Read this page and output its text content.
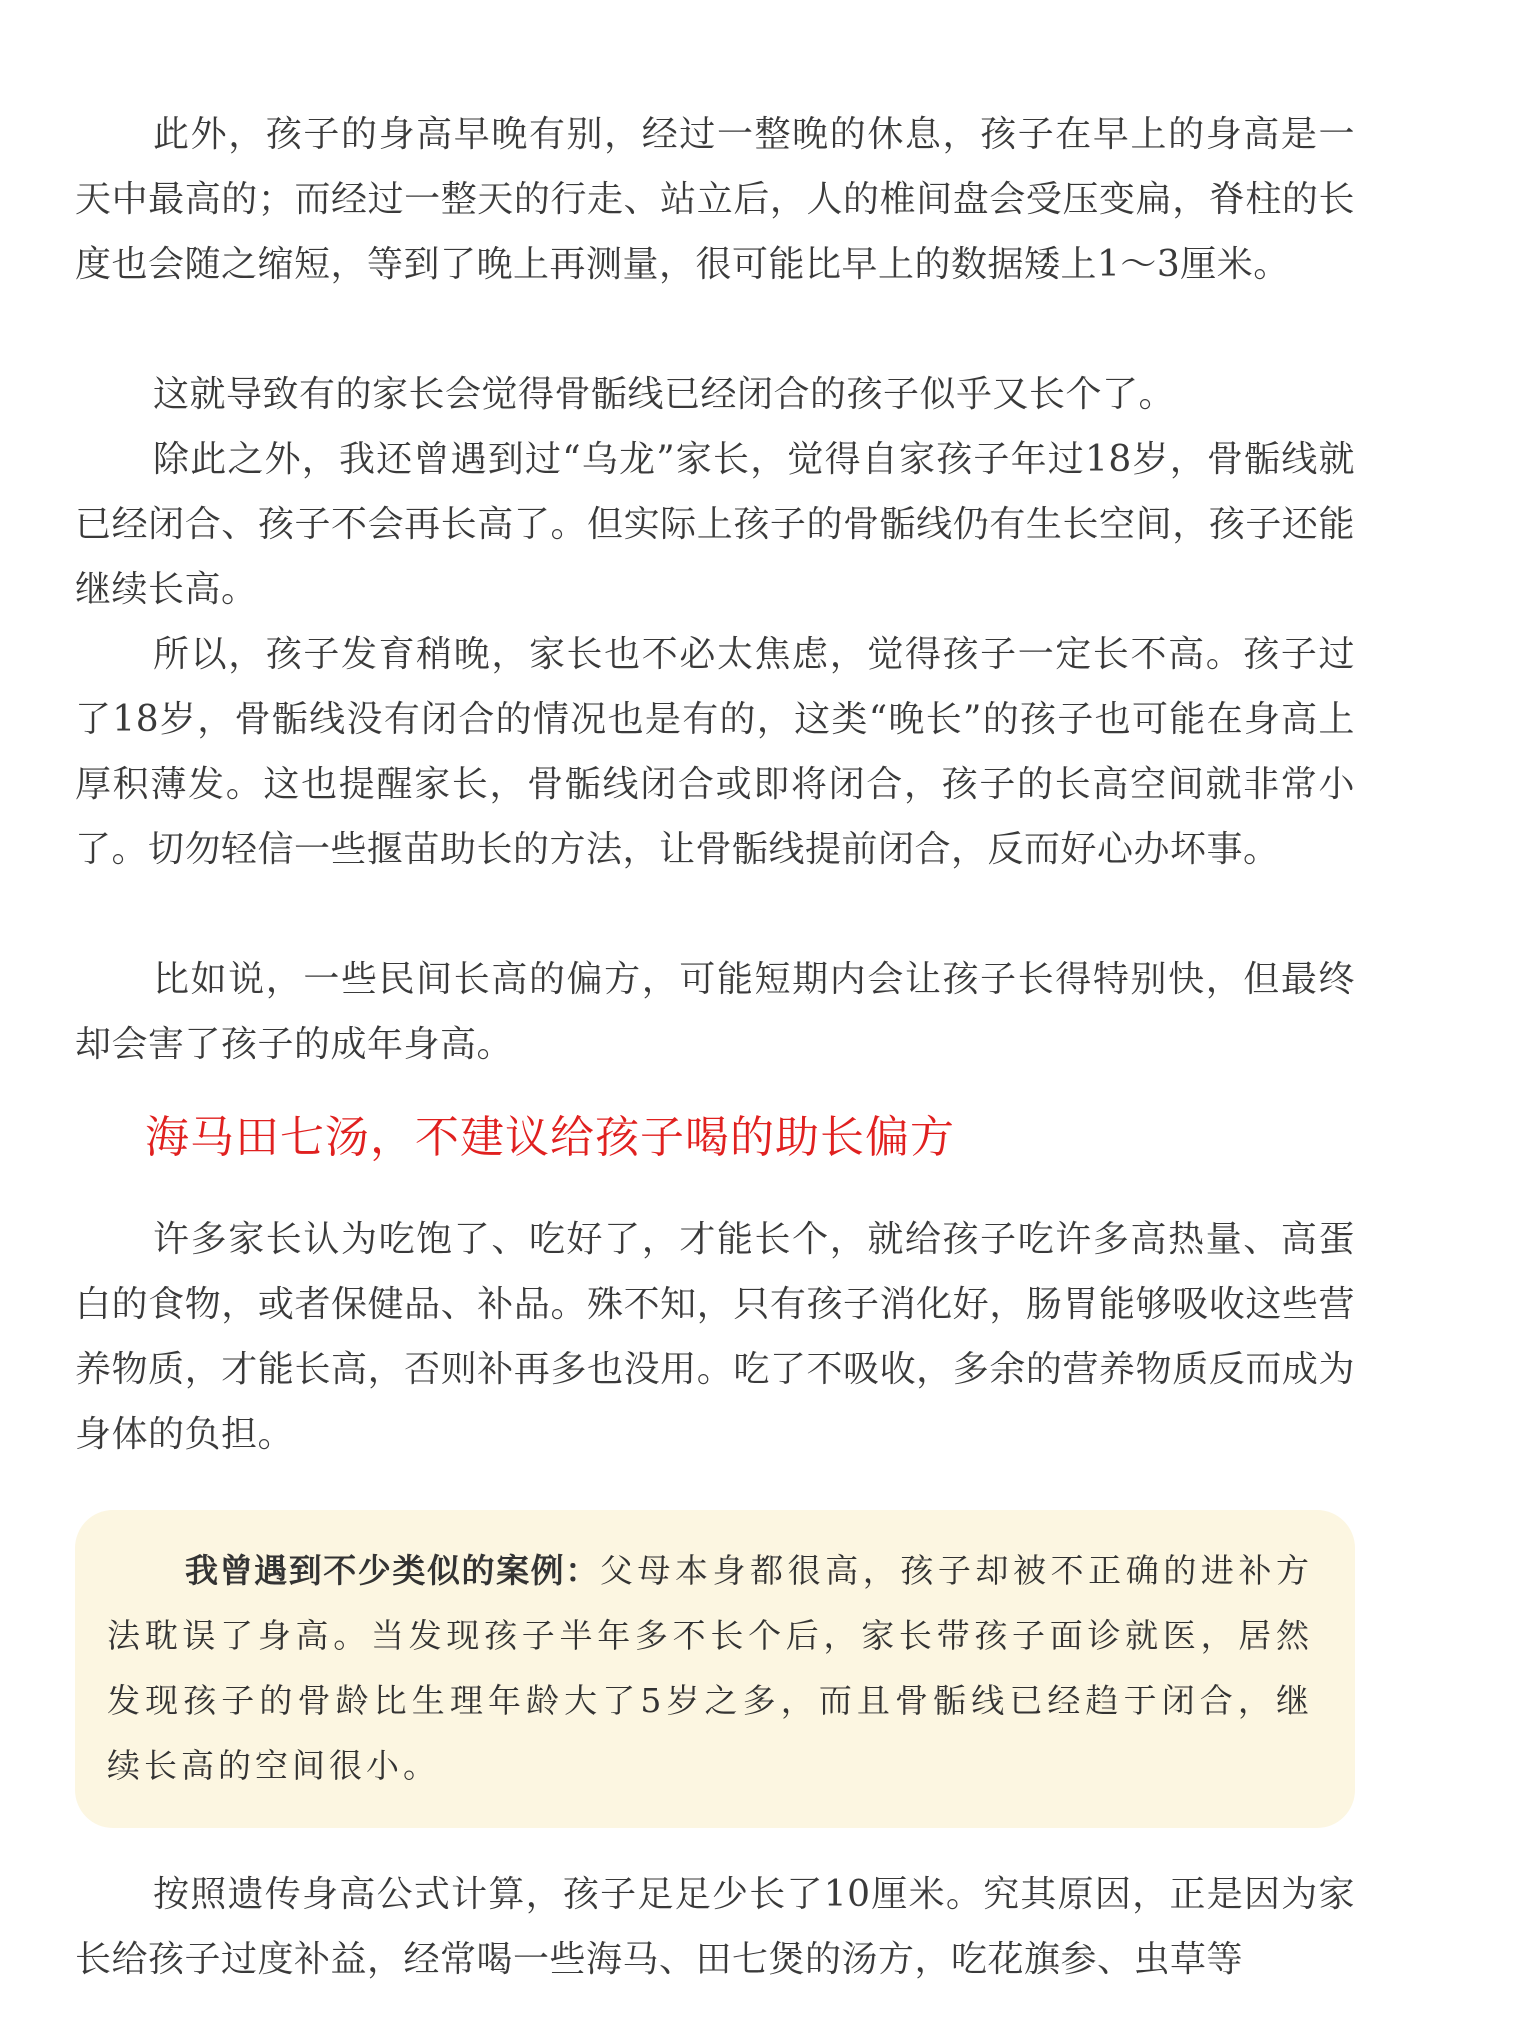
此外，孩子的身高早晚有别，经过一整晚的休息，孩子在早上的身高是一天中最高的；而经过一整天的行走、站立后，人的椎间盘会受压变扁，脊柱的长度也会随之缩短，等到了晚上再测量，很可能比早上的数据矮上1～3厘米。

这就导致有的家长会觉得骨骺线已经闭合的孩子似乎又长个了。

除此之外，我还曾遇到过“乌龙”家长，觉得自家孩子年过18岁，骨骺线就已经闭合、孩子不会再长高了。但实际上孩子的骨骺线仍有生长空间，孩子还能继续长高。

所以，孩子发育稍晚，家长也不必太焦虑，觉得孩子一定长不高。孩子过了18岁，骨骺线没有闭合的情况也是有的，这类“晚长”的孩子也可能在身高上厚积薄发。这也提醒家长，骨骺线闭合或即将闭合，孩子的长高空间就非常小了。切勿轻信一些揠苗助长的方法，让骨骺线提前闭合，反而好心办坏事。

比如说，一些民间长高的偏方，可能短期内会让孩子长得特别快，但最终却会害了孩子的成年身高。

海马田七汤，不建议给孩子喝的助长偏方

许多家长认为吃饱了、吃好了，才能长个，就给孩子吃许多高热量、高蛋白的食物，或者保健品、补品。殊不知，只有孩子消化好，肠胃能够吸收这些营养物质，才能长高，否则补再多也没用。吃了不吸收，多余的营养物质反而成为身体的负担。

我曾遇到不少类似的案例：父母本身都很高，孩子却被不正确的进补方法耽误了身高。当发现孩子半年多不长个后，家长带孩子面诊就医，居然发现孩子的骨龄比生理年龄大了5岁之多，而且骨骺线已经趋于闭合，继续长高的空间很小。

按照遗传身高公式计算，孩子足足少长了10厘米。究其原因，正是因为家长给孩子过度补益，经常喝一些海马、田七煲的汤方，吃花旗参、虫草等
